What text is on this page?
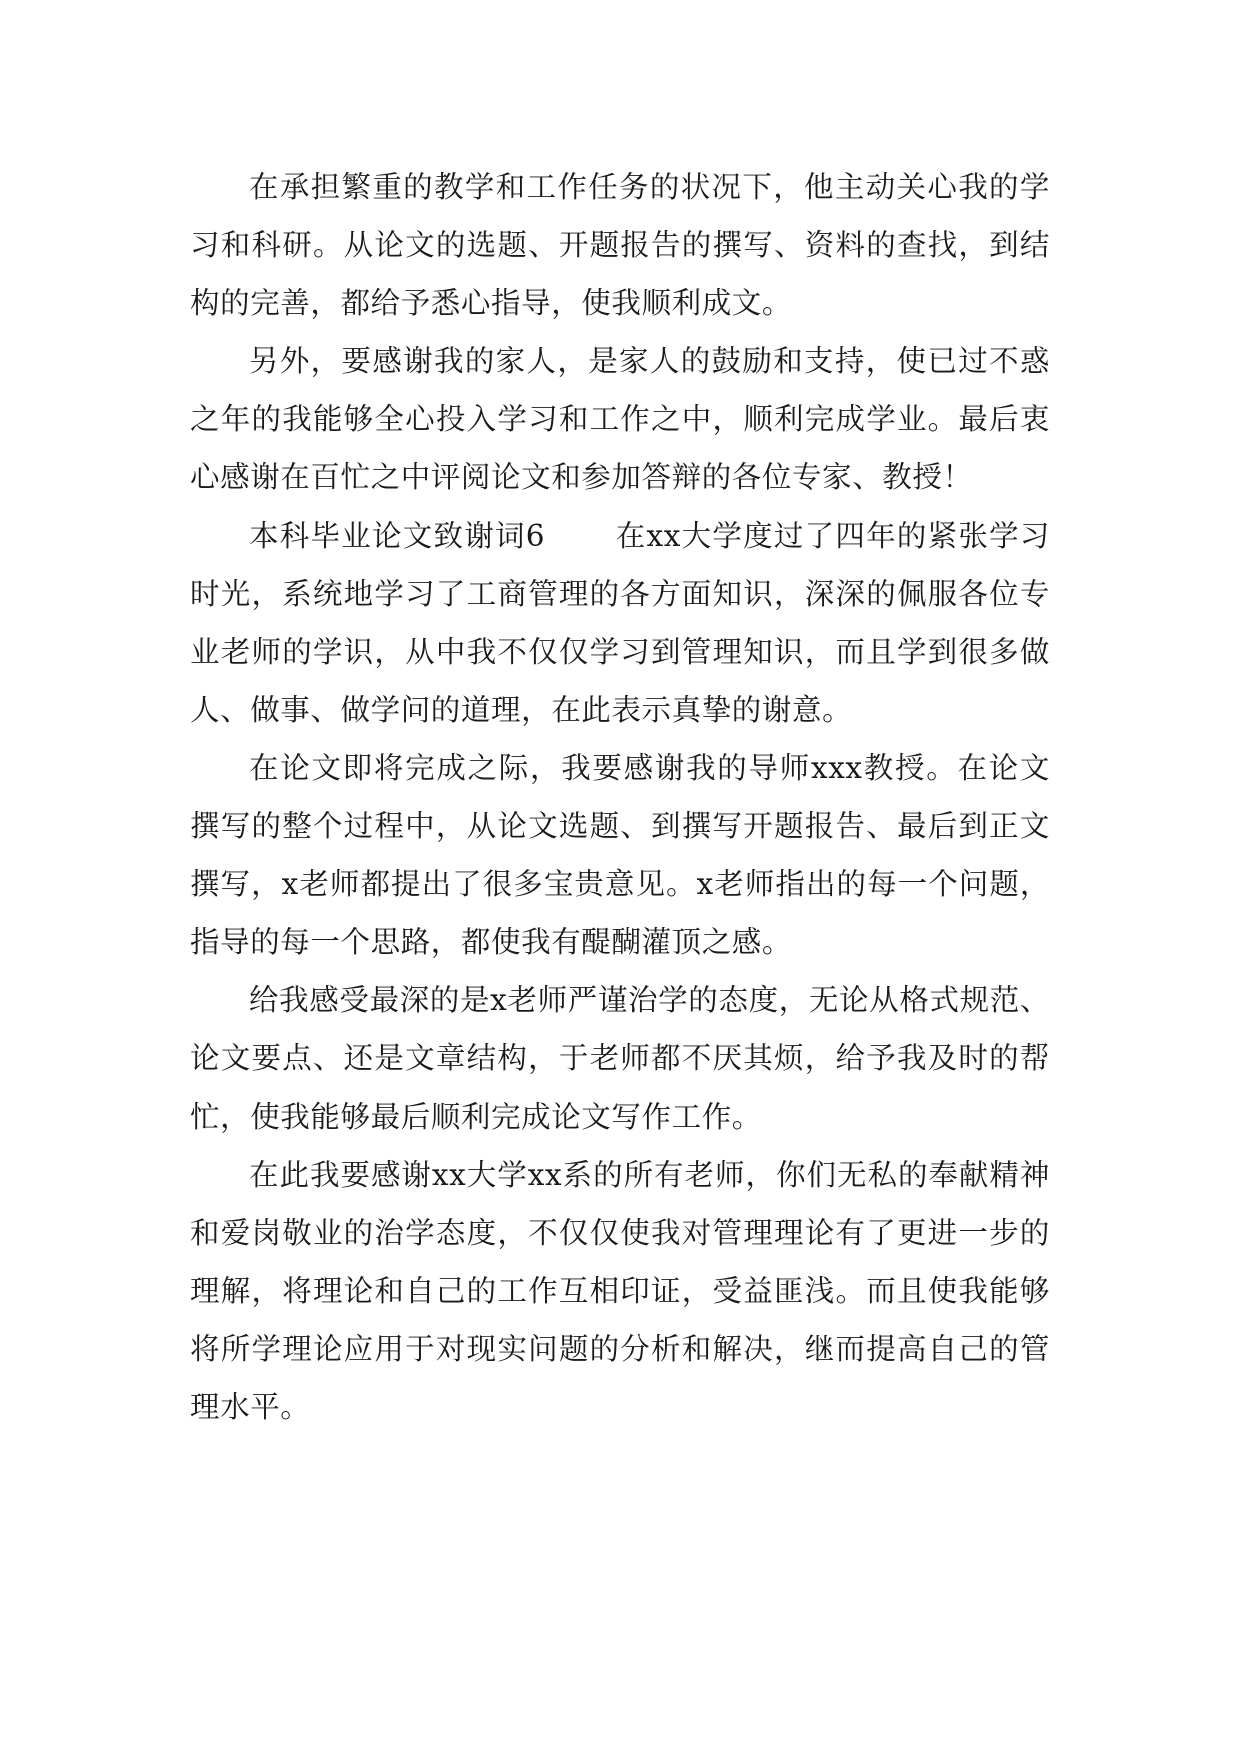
在承担繁重的教学和工作任务的状况下，他主动关心我的学习和科研。从论文的选题、开题报告的撰写、资料的查找，到结构的完善，都给予悉心指导，使我顺利成文。

另外，要感谢我的家人，是家人的鼓励和支持，使已过不惑之年的我能够全心投入学习和工作之中，顺利完成学业。最后衷心感谢在百忙之中评阅论文和参加答辩的各位专家、教授！

本科毕业论文致谢词6 在xx大学度过了四年的紧张学习时光，系统地学习了工商管理的各方面知识，深深的佩服各位专业老师的学识，从中我不仅仅学习到管理知识，而且学到很多做人、做事、做学问的道理，在此表示真挚的谢意。

在论文即将完成之际，我要感谢我的导师xxx教授。在论文撰写的整个过程中，从论文选题、到撰写开题报告、最后到正文撰写，x老师都提出了很多宝贵意见。x老师指出的每一个问题，指导的每一个思路，都使我有醍醐灌顶之感。

给我感受最深的是x老师严谨治学的态度，无论从格式规范、论文要点、还是文章结构，于老师都不厌其烦，给予我及时的帮忙，使我能够最后顺利完成论文写作工作。

在此我要感谢xx大学xx系的所有老师，你们无私的奉献精神和爱岗敬业的治学态度，不仅仅使我对管理理论有了更进一步的理解，将理论和自己的工作互相印证，受益匪浅。而且使我能够将所学理论应用于对现实问题的分析和解决，继而提高自己的管理水平。
